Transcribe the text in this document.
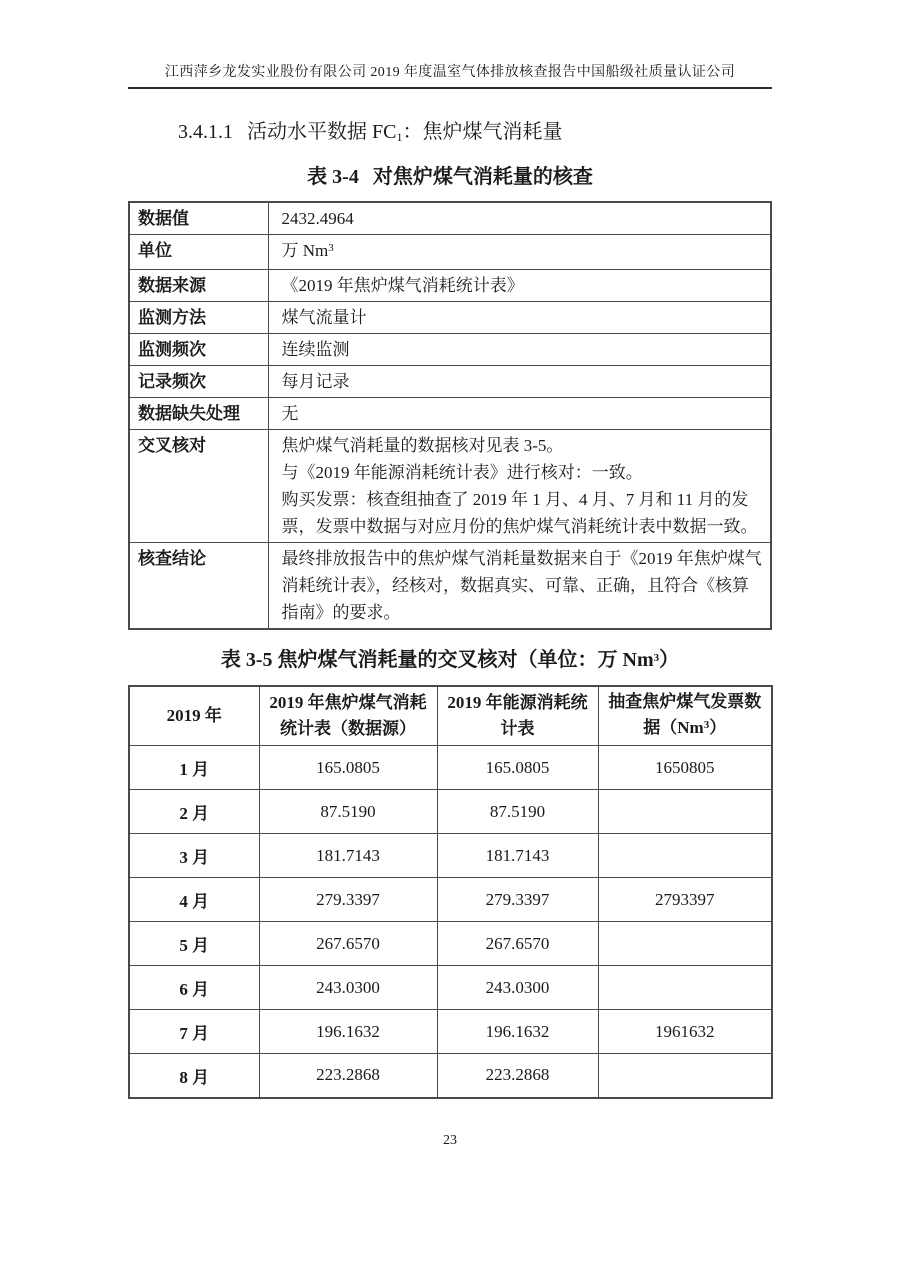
江西萍乡龙发实业股份有限公司 2019 年度温室气体排放核查报告中国船级社质量认证公司
3.4.1.1 活动水平数据 $FC_1$：焦炉煤气消耗量
表 3-4 对焦炉煤气消耗量的核查
数据值	2432.4964
单位	万 Nm$^3$
数据来源	《2019 年焦炉煤气消耗统计表》
监测方法	煤气流量计
监测频次	连续监测
记录频次	每月记录
数据缺失处理	无
交叉核对	焦炉煤气消耗量的数据核对见表 3-5。

与《2019 年能源消耗统计表》进行核对：一致。

购买发票：核查组抽查了 2019 年 1 月、4 月、7 月和 11 月的发票，发票中数据与对应月份的焦炉煤气消耗统计表中数据一致。

核查结论	最终排放报告中的焦炉煤气消耗量数据来自于《2019 年焦炉煤气消耗统计表》，经核对，数据真实、可靠、正确，且符合《核算指南》的要求。
表 3-5 焦炉煤气消耗量的交叉核对（单位：万 Nm$^3$）
2019 年	2019 年焦炉煤气消耗统计表（数据源）	2019 年能源消耗统计表	抽查焦炉煤气发票数据（Nm$^3$）
1 月	165.0805	165.0805	1650805
2 月	87.5190	87.5190	
3 月	181.7143	181.7143	
4 月	279.3397	279.3397	2793397
5 月	267.6570	267.6570	
6 月	243.0300	243.0300	
7 月	196.1632	196.1632	1961632
8 月	223.2868	223.2868	
23
